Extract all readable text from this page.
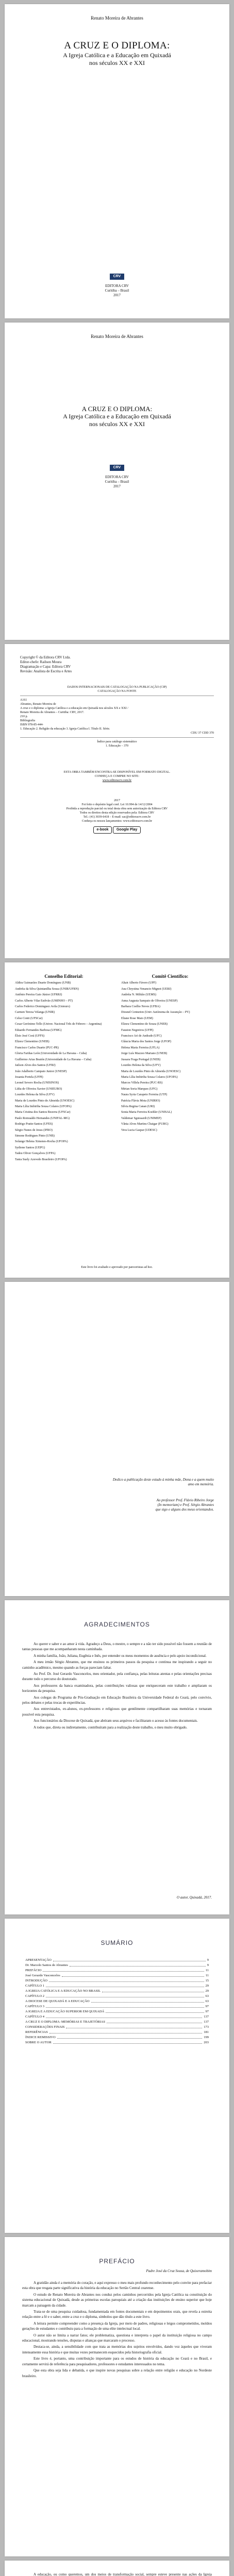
Renato Moreira de Abrantes
A CRUZ E O DIPLOMA:
A Igreja Católica e a Educação em Quixadá
nos séculos XX e XXI
CRV
EDITORA CRV
Curitiba – Brasil
2017
Renato Moreira de Abrantes
A CRUZ E O DIPLOMA:
A Igreja Católica e a Educação em Quixadá
nos séculos XX e XXI
CRV
EDITORA CRV
Curitiba – Brasil
2017
Copyright © da Editora CRV Ltda.
Editor-chefe: Railson Moura
Diagramação e Capa: Editora CRV
Revisão: Analista de Escrita e Artes
DADOS INTERNACIONAIS DE CATALOGAÇÃO NA PUBLICAÇÃO (CIP)
CATALOGAÇÃO NA FONTE
A161
Abrantes, Renato Moreira de
A cruz e o diploma: a Igreja Católica e a educação em Quixadá nos séculos XX e XXI /
Renato Moreira de Abrantes – Curitiba: CRV, 2017.
210 p.
Bibliografia
ISBN 978-85-444-
1. Educação 2. Religião da educação 3. Igreja Católica I. Título II. Série.
CDU 37 CDD 370
Índice para catálogo sistemático
1. Educação – 370
ESTA OBRA TAMBÉM ENCONTRA-SE DISPONÍVEL EM FORMATO DIGITAL.
CONHEÇA E COMPRE NO SITE:
www.editoracrv.com.br
2017
Foi feito o depósito legal conf. Lei 10.994 de 14/12/2004
Proibida a reprodução parcial ou total desta obra sem autorização da Editora CRV
Todos os direitos desta edição reservados pela: Editora CRV
Tel.: (41) 3039-6418 – E-mail: sac@editoracrv.com.br
Conheça os nossos lançamentos: www.editoracrv.com.br
e-book Google Play
Conselho Editorial:
Aldira Guimarães Duarte Domínguez (UNB)
Andréia da Silva Quintanilha Sousa (UNIR/UFRN)
Antônio Pereira Gaio Júnior (UFRRJ)
Carlos Alberto Vilar Estêvão (UMINHO – PT)
Carlos Federico Dominguez Avila (Unieuro)
Carmen Tereza Velanga (UNIR)
Celso Conti (UFSCar)
Cesar Gerónimo Tello (Univer. Nacional Três de Febrero – Argentina)
Eduardo Fernandes Barbosa (UFMG)
Élsio José Corá (UFFS)
Elizeu Clementino (UNEB)
Francisco Carlos Duarte (PUC-PR)
Gloria Fariñas León (Universidade de La Havana – Cuba)
Guillermo Arias Beatón (Universidade de La Havana – Cuba)
Jailson Alves dos Santos (UFRJ)
João Adalberto Campato Junior (UNESP)
Josania Portela (UFPI)
Leonel Severo Rocha (UNISINOS)
Lídia de Oliveira Xavier (UNIEURO)
Lourdes Helena da Silva (UFV)
Maria de Lourdes Pinto de Almeida (UNOESC)
Maria Lília Imbiriba Sousa Colares (UFOPA)
Maria Cristina dos Santos Bezerra (UFSCar)
Paulo Romualdo Hernandes (UNIFAL-MG)
Rodrigo Pratte-Santos (UFES)
Sérgio Nunes de Jesus (IFRO)
Simone Rodrigues Pinto (UNB)
Solange Helena Ximenes-Rocha (UFOPA)
Sydione Santos (UEPG)
Tadeu Oliver Gonçalves (UFPA)
Tania Suely Azevedo Brasileiro (UFOPA)
Comitê Científico:
Altair Alberto Fávero (UPF)
Ana Chrystina Venancio Mignot (UERJ)
Andréia N. Militão (UEMS)
Anna Augusta Sampaio de Oliveira (UNESP)
Barbara Coelho Neves (UFBA)
Diosnel Centurion (Univ Autónoma de Assunção – PY)
Eliane Rose Maio (UEM)
Elizeu Clementino de Souza (UNEB)
Fauston Negreiros (UFPI)
Francisco Ari de Andrade (UFC)
Gláucia Maria dos Santos Jorge (UFOP)
Helena Maria Ferreira (UFLA)
Jorge Luís Mazzeo Mariano (UNEB)
Jussara Fraga Portugal (UNEB)
Lourdes Helena da Silva (UFV)
Maria de Lourdes Pinto de Almeida (UNOESC)
Maria Lília Imbiriba Sousa Colares (UFOPA)
Marcos Villela Pereira (PUC-RS)
Mirian Soria Marques (UFG)
Naura Syria Carapeto Ferreira (UTP)
Patrícia Flávia Mota (UNIRIO)
Silvia Regina Canan (URI)
Sonia Maria Ferreira Koehler (UNISAL)
Valdemar Sguissardi (UNIMEP)
Vânia Alves Martins Chaigar (FURG)
Vera Lucia Gaspar (UDESC)
Este livro foi avaliado e aprovado por pareceristas ad hoc.
Dedico a publicação deste estudo à minha mãe, Dona e a quem muito
amo em memória.
Ao professor Prof. Flávio Ribeiro Jorge
(In memoriam) e Prof. Sérgio Abrantes
que sigo e alguns dos meus orientandos.
AGRADECIMENTOS

Ao querer e saber e ao amor à vida. Agradeço a Deus, o mestre, o sempre e a não ter sido possível não fossem a reunião de tantas pessoas que me acompanharam nesta caminhada.

A minha família, João, Juliana, Eugênia e Inês, por entender os meus momentos de ausência e pelo apoio incondicional.

A meu irmão Sérgio Abrantes, que me ensinou os primeiros passos da pesquisa e continua me inspirando a seguir no caminho acadêmico, mesmo quando as forças pareciam faltar.

Ao Prof. Dr. José Gerardo Vasconcelos, meu orientador, pela confiança, pelas leituras atentas e pelas orientações precisas durante todo o percurso do doutorado.

Aos professores da banca examinadora, pelas contribuições valiosas que enriqueceram este trabalho e ampliaram os horizontes da pesquisa.

Aos colegas do Programa de Pós-Graduação em Educação Brasileira da Universidade Federal do Ceará, pelo convívio, pelos debates e pelas trocas de experiências.

Aos entrevistados, ex-alunos, ex-professores e religiosos que gentilmente compartilharam suas memórias e tornaram possível esta pesquisa.

Aos funcionários da Diocese de Quixadá, que abriram seus arquivos e facilitaram o acesso às fontes documentais.

A todos que, direta ou indiretamente, contribuíram para a realização deste trabalho, o meu muito obrigado.

O autor, Quixadá, 2017.
SUMÁRIO
APRESENTAÇÃO	9
Dr. Marcelo Santos de Abrantes	9
PREFÁCIO	11
José Gerardo Vasconcelos	11
INTRODUÇÃO	15
CAPÍTULO 1	29
A IGREJA CATÓLICA E A EDUCAÇÃO NO BRASIL	29
CAPÍTULO 2	63
A DIOCESE DE QUIXADÁ E A EDUCAÇÃO	63
CAPÍTULO 3	97
A IGREJA E A EDUCAÇÃO SUPERIOR EM QUIXADÁ	97
CAPÍTULO 4	137
A CRUZ E O DIPLOMA: MEMÓRIAS E TRAJETÓRIAS	137
CONSIDERAÇÕES FINAIS	173
REFERÊNCIAS	181
ÍNDICE REMISSIVO	199
SOBRE O AUTOR	203
PREFÁCIO
Padre José da Cruz Sousa, de Quixeramobim

A gratidão ainda é a memória do coração, e aqui expresso o meu mais profundo reconhecimento pelo convite para prefaciar esta obra que resgata parte significativa da história da educação no Sertão Central cearense.

O estudo de Renato Moreira de Abrantes nos conduz pelos caminhos percorridos pela Igreja Católica na constituição do sistema educacional de Quixadá, desde as primeiras escolas paroquiais até a criação das instituições de ensino superior que hoje marcam a paisagem da cidade.

Trata-se de uma pesquisa cuidadosa, fundamentada em fontes documentais e em depoimentos orais, que revela a estreita relação entre a fé e o saber, entre a cruz e o diploma, símbolos que dão título a este livro.

A leitura permite compreender como a presença da Igreja, por meio de padres, religiosas e leigos comprometidos, moldou gerações de estudantes e contribuiu para a formação de uma elite intelectual local.

O autor não se limita a narrar fatos; ele problematiza, questiona e interpreta o papel da instituição religiosa no campo educacional, mostrando tensões, disputas e alianças que marcaram o processo.

Destaca-se, ainda, a sensibilidade com que trata as memórias dos sujeitos envolvidos, dando voz àqueles que viveram intensamente essa história e que muitas vezes permanecem esquecidos pela historiografia oficial.

Este livro é, portanto, uma contribuição importante para os estudos de história da educação no Ceará e no Brasil, e certamente servirá de referência para pesquisadores, professores e estudantes interessados no tema.

Que esta obra seja lida e debatida, e que inspire novas pesquisas sobre a relação entre religião e educação no Nordeste brasileiro.

A educação, ou como queremos, um dos meios de transformação social, sempre esteve presente nas ações da Igreja
